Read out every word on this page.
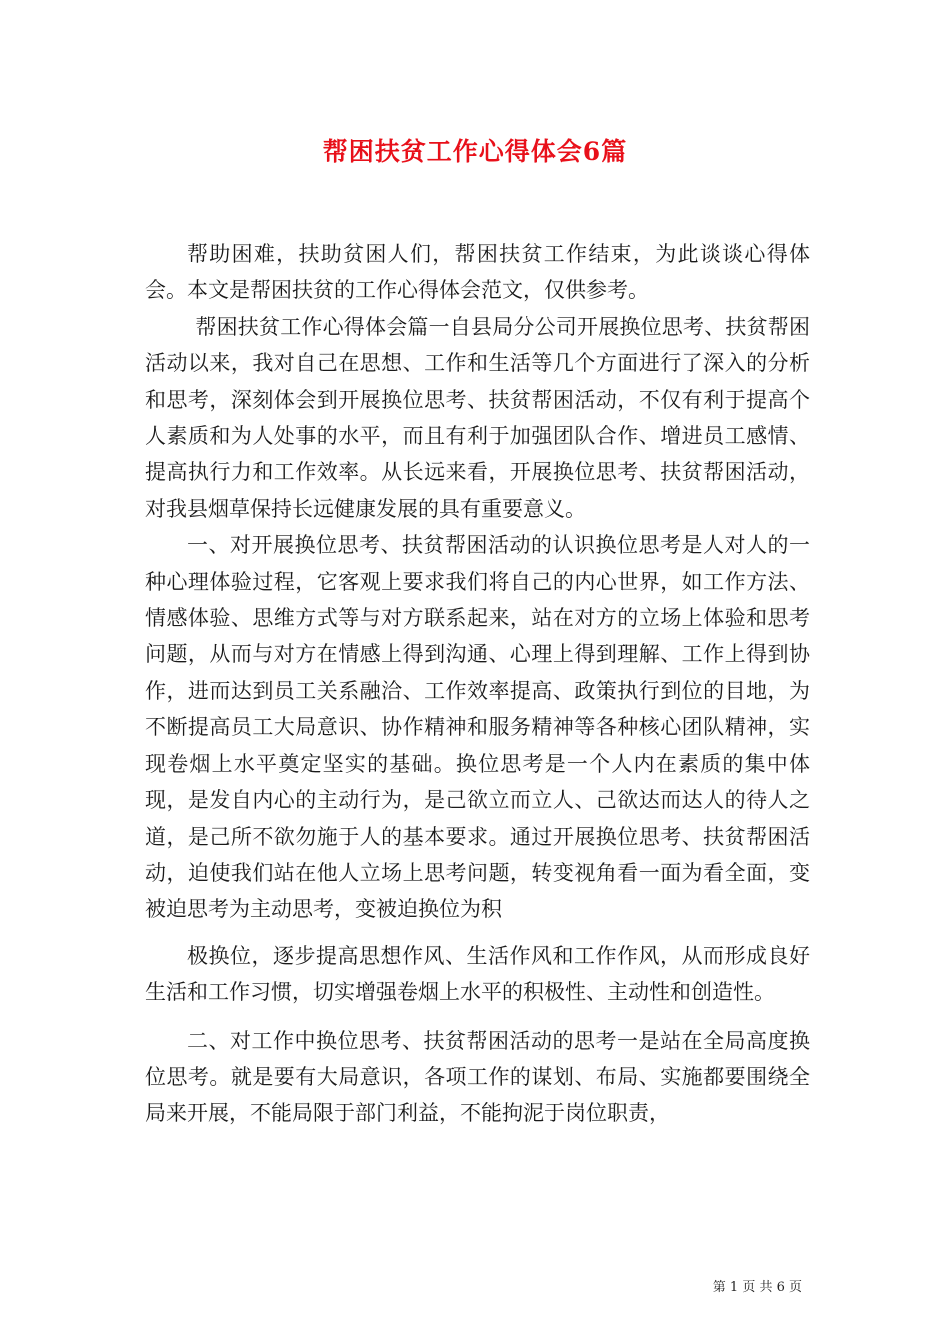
帮困扶贫工作心得体会6篇

帮助困难，扶助贫困人们，帮困扶贫工作结束，为此谈谈心得体会。本文是帮困扶贫的工作心得体会范文，仅供参考。

帮困扶贫工作心得体会篇一自县局分公司开展换位思考、扶贫帮困活动以来，我对自己在思想、工作和生活等几个方面进行了深入的分析和思考，深刻体会到开展换位思考、扶贫帮困活动，不仅有利于提高个人素质和为人处事的水平，而且有利于加强团队合作、增进员工感情、提高执行力和工作效率。从长远来看，开展换位思考、扶贫帮困活动，对我县烟草保持长远健康发展的具有重要意义。

一、对开展换位思考、扶贫帮困活动的认识换位思考是人对人的一种心理体验过程，它客观上要求我们将自己的内心世界，如工作方法、情感体验、思维方式等与对方联系起来，站在对方的立场上体验和思考问题，从而与对方在情感上得到沟通、心理上得到理解、工作上得到协作，进而达到员工关系融洽、工作效率提高、政策执行到位的目地，为不断提高员工大局意识、协作精神和服务精神等各种核心团队精神，实现卷烟上水平奠定坚实的基础。换位思考是一个人内在素质的集中体现，是发自内心的主动行为，是己欲立而立人、己欲达而达人的待人之道，是己所不欲勿施于人的基本要求。通过开展换位思考、扶贫帮困活动，迫使我们站在他人立场上思考问题，转变视角看一面为看全面，变被迫思考为主动思考，变被迫换位为积

极换位，逐步提高思想作风、生活作风和工作作风，从而形成良好生活和工作习惯，切实增强卷烟上水平的积极性、主动性和创造性。

二、对工作中换位思考、扶贫帮困活动的思考一是站在全局高度换位思考。就是要有大局意识，各项工作的谋划、布局、实施都要围绕全局来开展，不能局限于部门利益，不能拘泥于岗位职责，

第 1 页 共 6 页
